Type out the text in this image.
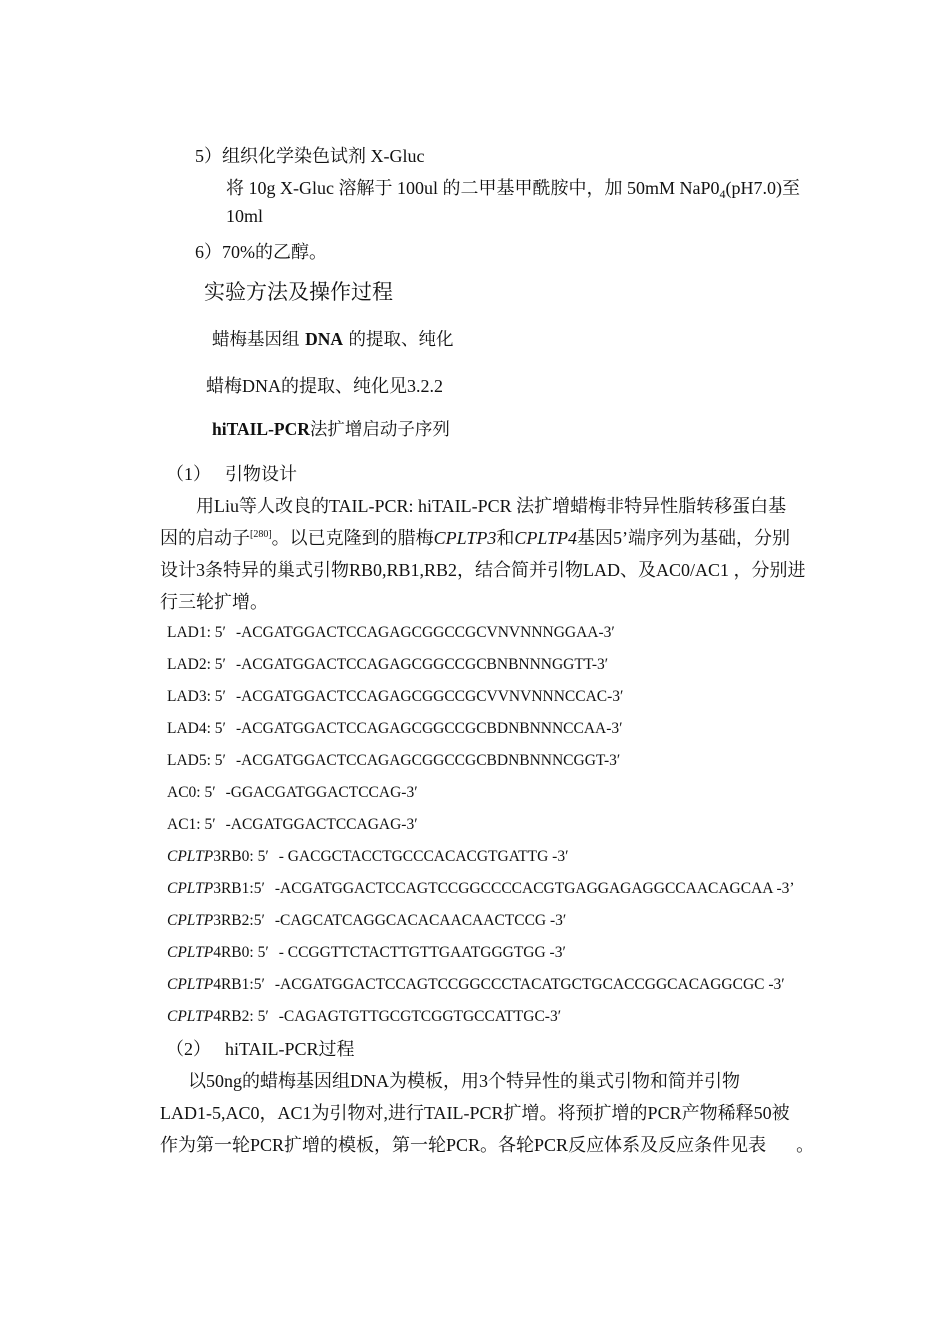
5）组织化学染色试剂 X-Gluc
将 10g X-Gluc 溶解于 100ul 的二甲基甲酰胺中，加 50mM $NaP0_4(pH7.0)$至
10ml
6）70%的乙醇。
实验方法及操作过程
蜡梅基因组 DNA 的提取、纯化
蜡梅DNA的提取、纯化见3.2.2
hiTAIL-PCR法扩增启动子序列
（1） 引物设计
用Liu等人改良的TAIL-PCR: hiTAIL-PCR 法扩增蜡梅非特异性脂转移蛋白基
因的启动子[280]。以已克隆到的腊梅CPLTP3和CPLTP4基因5’端序列为基础，分别
设计3条特异的巢式引物RB0,RB1,RB2，结合简并引物LAD、及AC0/AC1 ，分别进
行三轮扩增。
LAD1: 5′ -ACGATGGACTCCAGAGCGGCCGCVNVNNNGGAA-3′
LAD2: 5′ -ACGATGGACTCCAGAGCGGCCGCBNBNNNGGTT-3′
LAD3: 5′ -ACGATGGACTCCAGAGCGGCCGCVVNVNNNCCAC-3′
LAD4: 5′ -ACGATGGACTCCAGAGCGGCCGCBDNBNNNCCAA-3′
LAD5: 5′ -ACGATGGACTCCAGAGCGGCCGCBDNBNNNCGGT-3′
AC0: 5′ -GGACGATGGACTCCAG-3′
AC1: 5′ -ACGATGGACTCCAGAG-3′
CPLTP3RB0: 5′ - GACGCTACCTGCCCACACGTGATTG -3′
CPLTP3RB1:5′ -ACGATGGACTCCAGTCCGGCCCCACGTGAGGAGAGGCCAACAGCAA -3’
CPLTP3RB2:5′ -CAGCATCAGGCACACAACAACTCCG -3′
CPLTP4RB0: 5′ - CCGGTTCTACTTGTTGAATGGGTGG -3′
CPLTP4RB1:5′ -ACGATGGACTCCAGTCCGGCCCTACATGCTGCACCGGCACAGGCGC -3′
CPLTP4RB2: 5′ -CAGAGTGTTGCGTCGGTGCCATTGC-3′
（2） hiTAIL-PCR过程
以50ng的蜡梅基因组DNA为模板，用3个特异性的巢式引物和简并引物
LAD1-5,AC0，AC1为引物对,进行TAIL-PCR扩增。将预扩增的PCR产物稀释50被
作为第一轮PCR扩增的模板，第一轮PCR。各轮PCR反应体系及反应条件见表 。
